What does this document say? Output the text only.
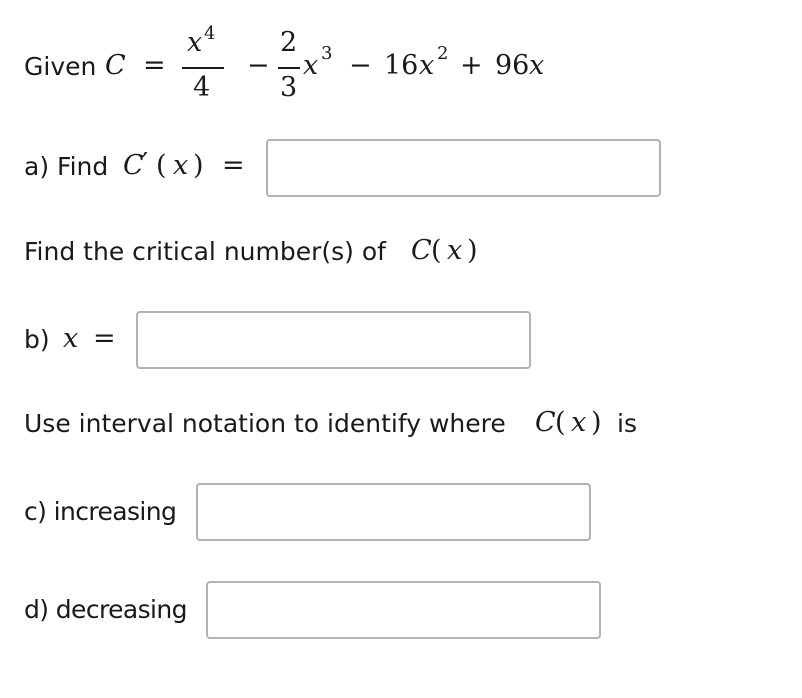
Given C =
x 4
4
−
2
3
x 3 − 16 x 2 + 96 x
a) Find C
′ ( x ) =
Find the critical number(s) of C ( x )
b) x =
Use interval notation to identify where C ( x ) is
c) increasing
d) decreasing
